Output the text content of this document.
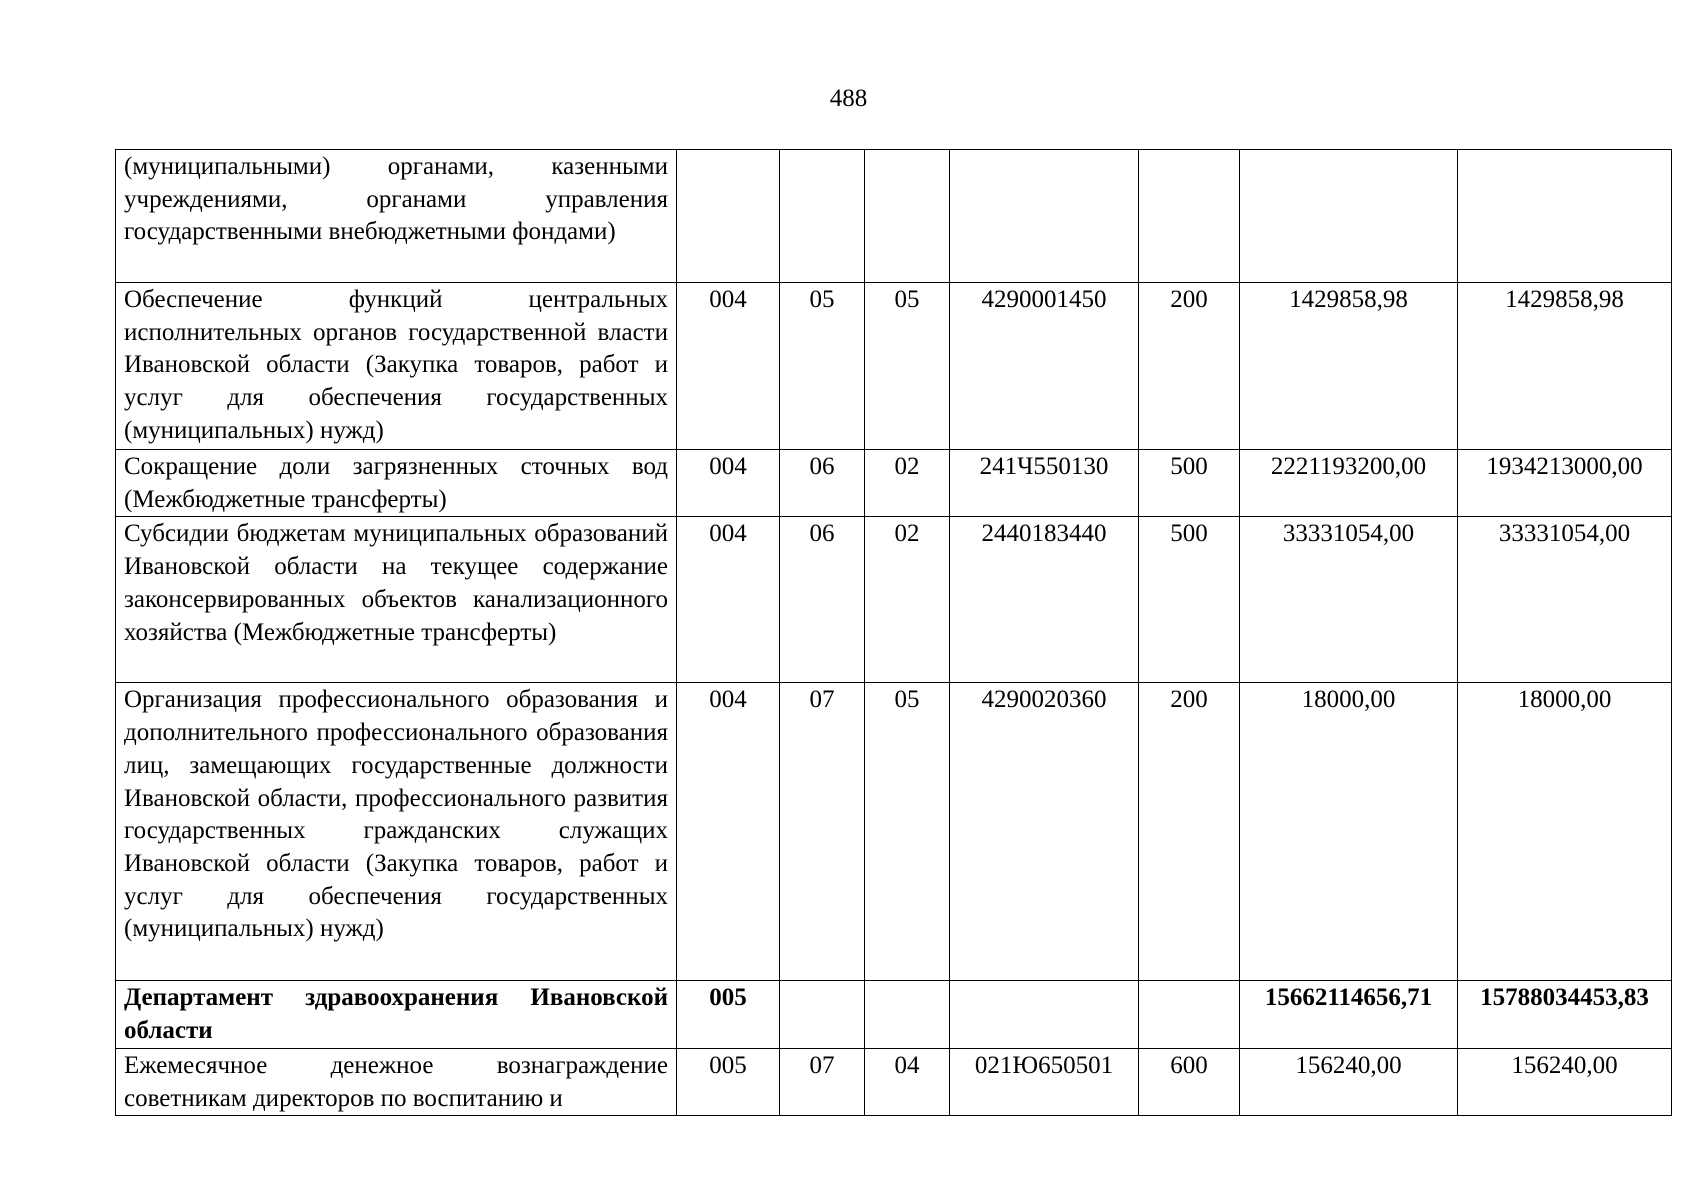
488
(муниципальными) органами, казенными учреждениями, органами управления государственными внебюджетными фондами)							
Обеспечение функций центральных исполнительных органов государственной власти Ивановской области (Закупка товаров, работ и услуг для обеспечения государственных (муниципальных) нужд)	004	05	05	4290001450	200	1429858,98	1429858,98
Сокращение доли загрязненных сточных вод (Межбюджетные трансферты)	004	06	02	241Ч550130	500	2221193200,00	1934213000,00
Субсидии бюджетам муниципальных образований Ивановской области на текущее содержание законсервированных объектов канализационного хозяйства (Межбюджетные трансферты)	004	06	02	2440183440	500	33331054,00	33331054,00
Организация профессионального образования и дополнительного профессионального образования лиц, замещающих государственные должности Ивановской области, профессионального развития государственных гражданских служащих Ивановской области (Закупка товаров, работ и услуг для обеспечения государственных (муниципальных) нужд)	004	07	05	4290020360	200	18000,00	18000,00
Департамент здравоохранения Ивановской области	005					15662114656,71	15788034453,83
Ежемесячное денежное вознаграждение советникам директоров по воспитанию и	005	07	04	021Ю650501	600	156240,00	156240,00
